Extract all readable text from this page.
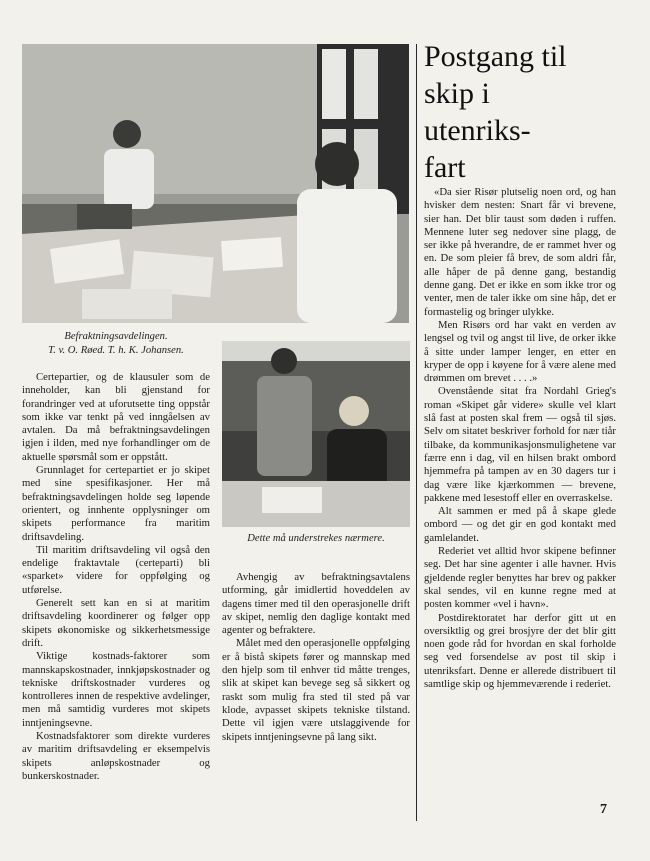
Befraktningsavdelingen.
T. v. O. Røed. T. h. K. Johansen.

Certepartier, og de klausuler som de inneholder, kan bli gjenstand for forandringer ved at uforutsette ting oppstår som ikke var tenkt på ved inngåelsen av avtalen. Da må befraktningsavdelingen igjen i ilden, med nye forhandlinger om de aktuelle spørsmål som er oppstått.

Grunnlaget for certepartiet er jo skipet med sine spesifikasjoner. Her må befraktningsavdelingen holde seg løpende orientert, og innhente opplysninger om skipets performance fra maritim driftsavdeling.

Til maritim driftsavdeling vil også den endelige fraktavtale (certeparti) bli «sparket» videre for oppfølging og utførelse.

Generelt sett kan en si at maritim driftsavdeling koordinerer og følger opp skipets økonomiske og sikkerhetsmessige drift.

Viktige kostnads-faktorer som mannskapskostnader, innkjøpskostnader og tekniske driftskostnader vurderes og kontrolleres innen de respektive avdelinger, men må samtidig vurderes mot skipets inntjeningsevne.

Kostnadsfaktorer som direkte vurderes av maritim driftsavdeling er eksempelvis skipets anløpskostnader og bunkerskostnader.

Dette må understrekes nærmere.

Avhengig av befraktningsavtalens utforming, går imidlertid hoveddelen av dagens timer med til den operasjonelle drift av skipet, nemlig den daglige kontakt med agenter og befraktere.

Målet med den operasjonelle oppfølging er å bistå skipets fører og mannskap med den hjelp som til enhver tid måtte trenges, slik at skipet kan bevege seg så sikkert og raskt som mulig fra sted til sted på var klode, avpasset skipets tekniske tilstand. Dette vil igjen være utslaggivende for skipets inntjeningsevne på lang sikt.

Postgang til
skip i
utenriks-
fart

«Da sier Risør plutselig noen ord, og han hvisker dem nesten: Snart får vi brevene, sier han. Det blir taust som døden i ruffen. Mennene luter seg nedover sine plagg, de ser ikke på hverandre, de er rammet hver og en. De som pleier få brev, de som aldri får, alle håper de på denne gang, bestandig denne gang. Det er ikke en som ikke tror og venter, men de taler ikke om sine håp, det er formastelig og bringer ulykke.

Men Risørs ord har vakt en verden av lengsel og tvil og angst til live, de orker ikke å sitte under lamper lenger, en etter en kryper de opp i køyene for å være alene med drømmen om brevet . . . .»

Ovenstående sitat fra Nordahl Grieg's roman «Skipet går videre» skulle vel klart slå fast at posten skal frem — også til sjøs. Selv om sitatet beskriver forhold for nær tiår tilbake, da kommunikasjonsmulighetene var færre enn i dag, vil en hilsen brakt ombord hjemmefra på tampen av en 30 dagers tur i dag være like kjærkommen — brevene, pakkene med lesestoff eller en overraskelse.

Alt sammen er med på å skape glede ombord — og det gir en god kontakt med gamlelandet.

Rederiet vet alltid hvor skipene befinner seg. Det har sine agenter i alle havner. Hvis gjeldende regler benyttes har brev og pakker skal sendes, vil en kunne regne med at posten kommer «vel i havn».

Postdirektoratet har derfor gitt ut en oversiktlig og grei brosjyre der det blir gitt noen gode råd for hvordan en skal forholde seg ved forsendelse av post til skip i utenriksfart. Denne er allerede distribuert til samtlige skip og hjemmeværende i rederiet.

7
